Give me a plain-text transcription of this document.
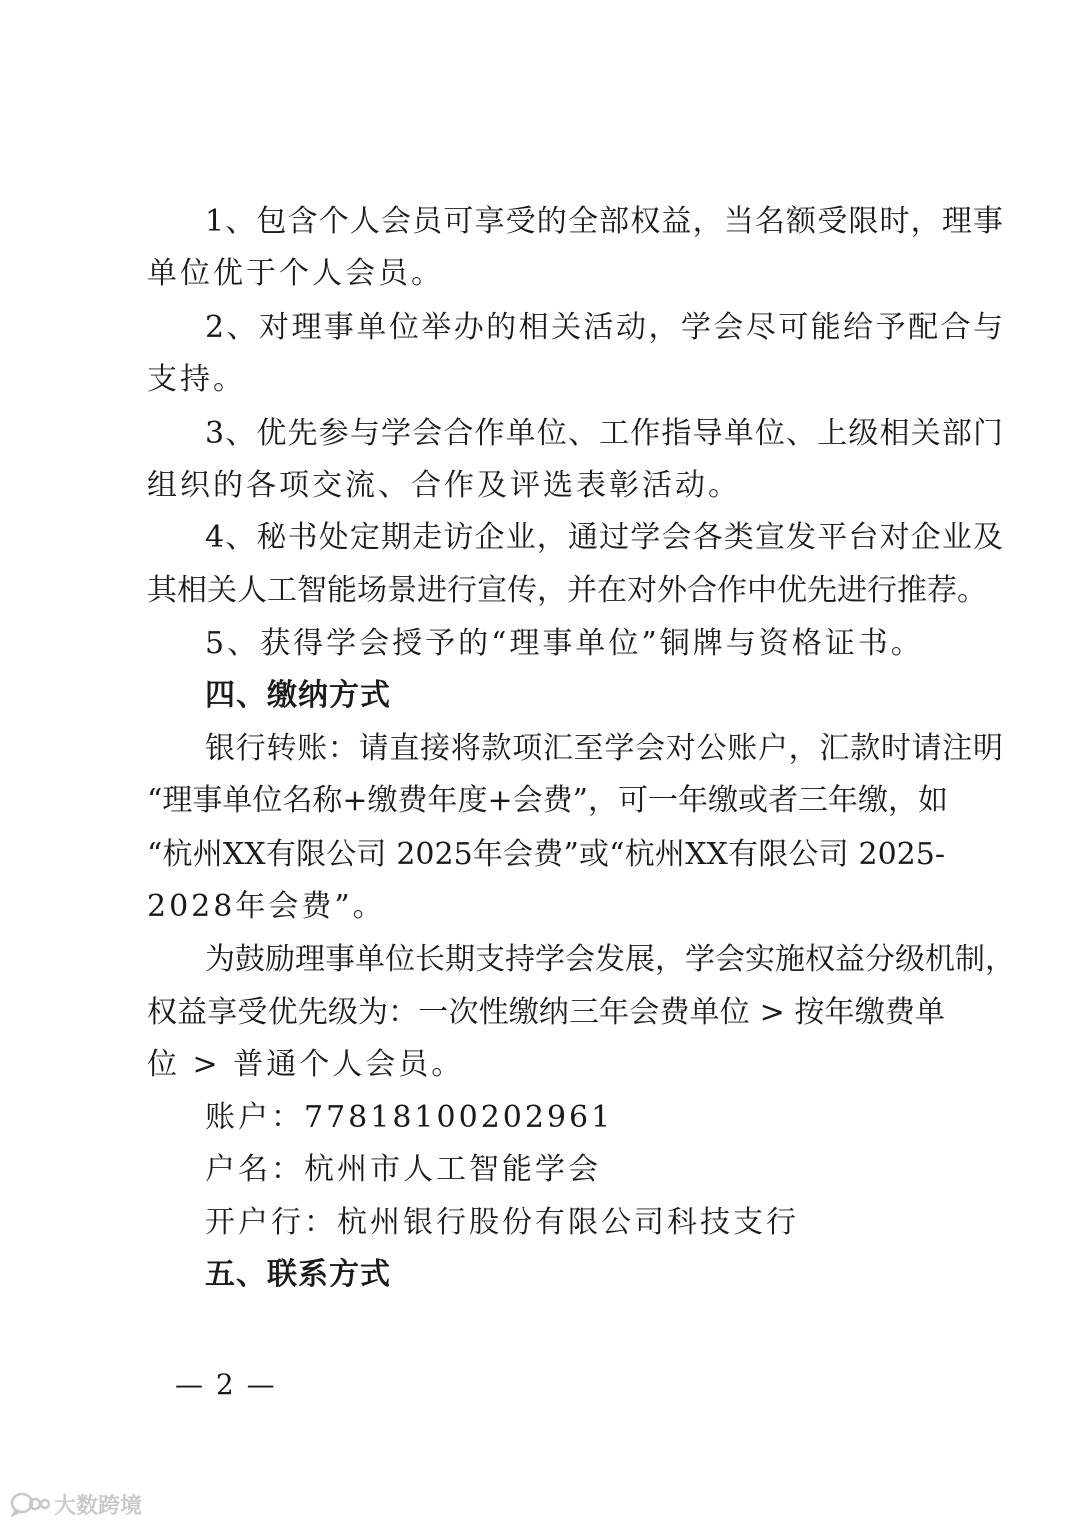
1、包含个人会员可享受的全部权益，当名额受限时，理事
单位优于个人会员。
2、对理事单位举办的相关活动，学会尽可能给予配合与
支持。
3、优先参与学会合作单位、工作指导单位、上级相关部门
组织的各项交流、合作及评选表彰活动。
4、秘书处定期走访企业，通过学会各类宣发平台对企业及
其相关人工智能场景进行宣传，并在对外合作中优先进行推荐。
5、获得学会授予的“理事单位”铜牌与资格证书。
四、缴纳方式
银行转账：请直接将款项汇至学会对公账户，汇款时请注明
“理事单位名称+缴费年度+会费”，可一年缴或者三年缴，如
“杭州XX有限公司 2025年会费”或“杭州XX有限公司 2025-
2028年会费”。
为鼓励理事单位长期支持学会发展，学会实施权益分级机制，
权益享受优先级为：一次性缴纳三年会费单位 > 按年缴费单
位 > 普通个人会员。
账户：77818100202961
户名：杭州市人工智能学会
开户行：杭州银行股份有限公司科技支行
五、联系方式
— 2 —
大数跨境
